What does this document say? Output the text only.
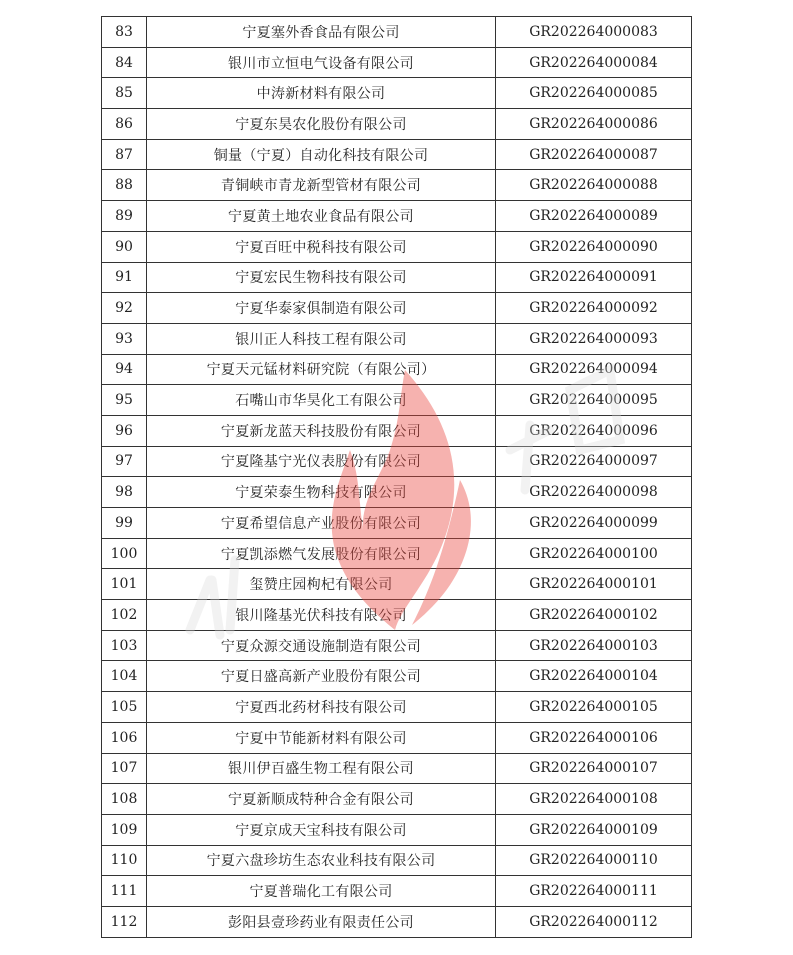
83	宁夏塞外香食品有限公司	GR202264000083
84	银川市立恒电气设备有限公司	GR202264000084
85	中涛新材料有限公司	GR202264000085
86	宁夏东昊农化股份有限公司	GR202264000086
87	铜量（宁夏）自动化科技有限公司	GR202264000087
88	青铜峡市青龙新型管材有限公司	GR202264000088
89	宁夏黄土地农业食品有限公司	GR202264000089
90	宁夏百旺中税科技有限公司	GR202264000090
91	宁夏宏民生物科技有限公司	GR202264000091
92	宁夏华泰家俱制造有限公司	GR202264000092
93	银川正人科技工程有限公司	GR202264000093
94	宁夏天元锰材料研究院（有限公司）	GR202264000094
95	石嘴山市华昊化工有限公司	GR202264000095
96	宁夏新龙蓝天科技股份有限公司	GR202264000096
97	宁夏隆基宁光仪表股份有限公司	GR202264000097
98	宁夏荣泰生物科技有限公司	GR202264000098
99	宁夏希望信息产业股份有限公司	GR202264000099
100	宁夏凯添燃气发展股份有限公司	GR202264000100
101	玺赞庄园枸杞有限公司	GR202264000101
102	银川隆基光伏科技有限公司	GR202264000102
103	宁夏众源交通设施制造有限公司	GR202264000103
104	宁夏日盛高新产业股份有限公司	GR202264000104
105	宁夏西北药材科技有限公司	GR202264000105
106	宁夏中节能新材料有限公司	GR202264000106
107	银川伊百盛生物工程有限公司	GR202264000107
108	宁夏新顺成特种合金有限公司	GR202264000108
109	宁夏京成天宝科技有限公司	GR202264000109
110	宁夏六盘珍坊生态农业科技有限公司	GR202264000110
111	宁夏普瑞化工有限公司	GR202264000111
112	彭阳县壹珍药业有限责任公司	GR202264000112
